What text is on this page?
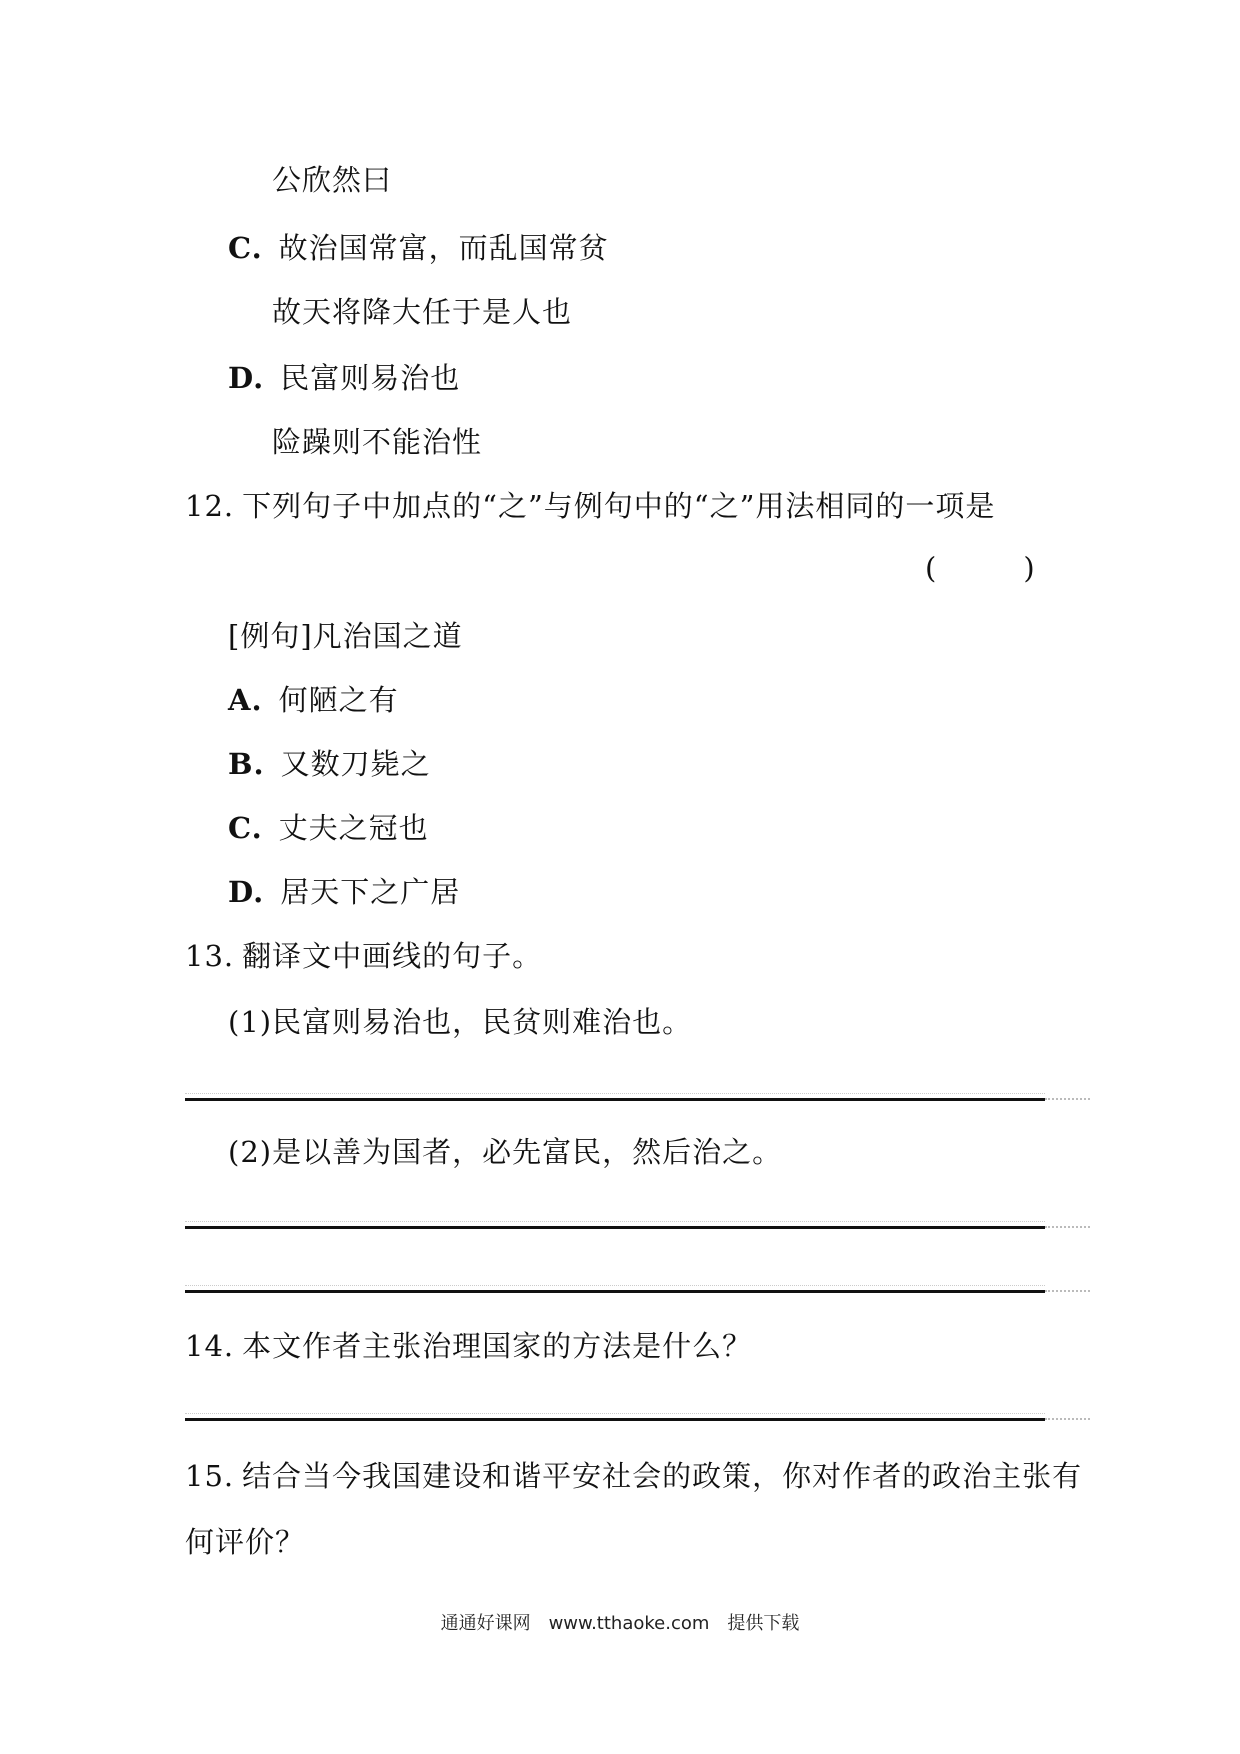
公欣然曰
C. 故治国常富，而乱国常贫
故天将降大任于是人也
D. 民富则易治也
险躁则不能治性
12. 下列句子中加点的“之”与例句中的“之”用法相同的一项是
(　　　)
[例句]凡治国之道
A. 何陋之有
B. 又数刀毙之
C. 丈夫之冠也
D. 居天下之广居
13. 翻译文中画线的句子。
(1)民富则易治也，民贫则难治也。
(2)是以善为国者，必先富民，然后治之。
14. 本文作者主张治理国家的方法是什么？
15. 结合当今我国建设和谐平安社会的政策，你对作者的政治主张有
何评价？
通通好课网　www.tthaoke.com　提供下载
